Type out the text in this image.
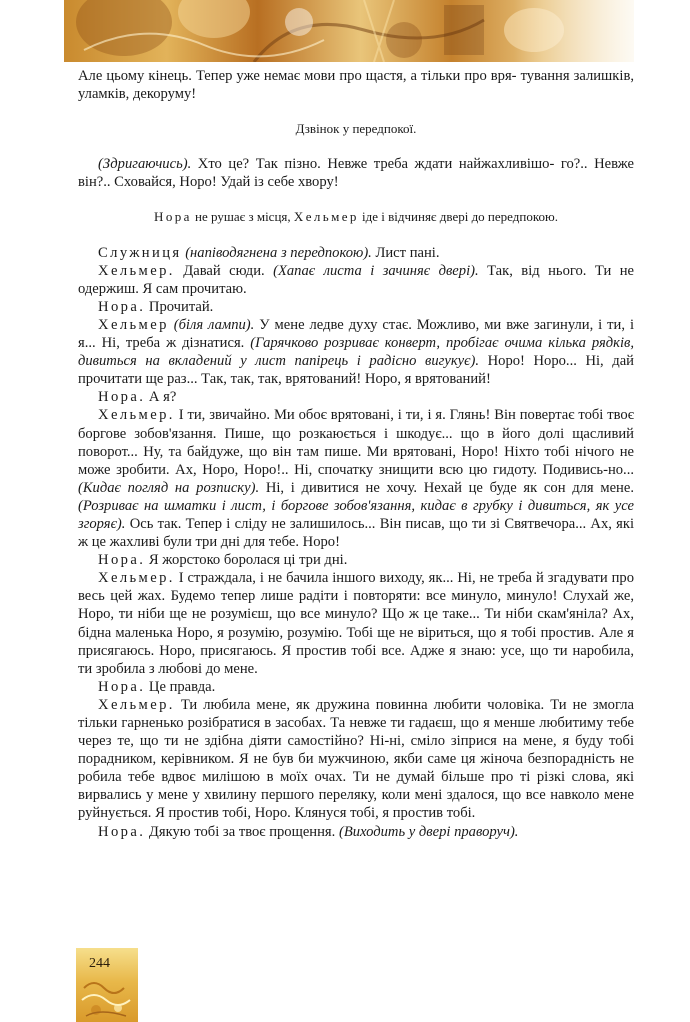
Але цьому кінець. Тепер уже немає мови про щастя, а тільки про вря- тування залишків, уламків, декоруму!

Дзвінок у передпокої.

(Здригаючись). Хто це? Так пізно. Невже треба ждати найжахливішо- го?.. Невже він?.. Сховайся, Норо! Удай із себе хвору!

Нора не рушає з місця, Хельмер іде і відчиняє двері до передпокою.

Служниця (напіводягнена з передпокою). Лист пані.

Хельмер. Давай сюди. (Хапає листа і зачиняє двері). Так, від нього. Ти не одержиш. Я сам прочитаю.

Нора. Прочитай.

Хельмер (біля лампи). У мене ледве духу стає. Можливо, ми вже загинули, і ти, і я... Ні, треба ж дізнатися. (Гарячково розриває конверт, пробігає очима кілька рядків, дивиться на вкладений у лист папірець і радісно вигукує). Норо! Норо... Ні, дай прочитати ще раз... Так, так, так, врятований! Норо, я врятований!

Нора. А я?

Хельмер. І ти, звичайно. Ми обоє врятовані, і ти, і я. Глянь! Він повертає тобі твоє боргове зобов'язання. Пише, що розкаюється і шкодує... що в його долі щасливий поворот... Ну, та байдуже, що він там пише. Ми врятовані, Норо! Ніхто тобі нічого не може зробити. Ах, Норо, Норо!.. Ні, спочатку знищити всю цю гидоту. Подивись-но... (Кидає погляд на розписку). Ні, і дивитися не хочу. Нехай це буде як сон для мене. (Розриває на шматки і лист, і боргове зобов'язання, кидає в грубку і дивиться, як усе згоряє). Ось так. Тепер і сліду не залишилось... Він писав, що ти зі Святвечора... Ах, які ж це жахливі були три дні для тебе. Норо!

Нора. Я жорстоко боролася ці три дні.

Хельмер. І страждала, і не бачила іншого виходу, як... Ні, не треба й згадувати про весь цей жах. Будемо тепер лише радіти і повторяти: все минуло, минуло! Слухай же, Норо, ти ніби ще не розумієш, що все минуло? Що ж це таке... Ти ніби скам'яніла? Ах, бідна маленька Норо, я розумію, розумію. Тобі ще не віриться, що я тобі простив. Але я присягаюсь. Норо, присягаюсь. Я простив тобі все. Адже я знаю: усе, що ти наробила, ти зробила з любові до мене.

Нора. Це правда.

Хельмер. Ти любила мене, як дружина повинна любити чоловіка. Ти не змогла тільки гарненько розібратися в засобах. Та невже ти гадаєш, що я менше любитиму тебе через те, що ти не здібна діяти самостійно? Ні-ні, сміло зіприся на мене, я буду тобі порадником, керівником. Я не був би мужчиною, якби саме ця жіноча безпорадність не робила тебе вдвоє милішою в моїх очах. Ти не думай більше про ті різкі слова, які вирвались у мене у хвилину першого переляку, коли мені здалося, що все навколо мене руйнується. Я простив тобі, Норо. Клянуся тобі, я простив тобі.

Нора. Дякую тобі за твоє прощення. (Виходить у двері праворуч).

244
